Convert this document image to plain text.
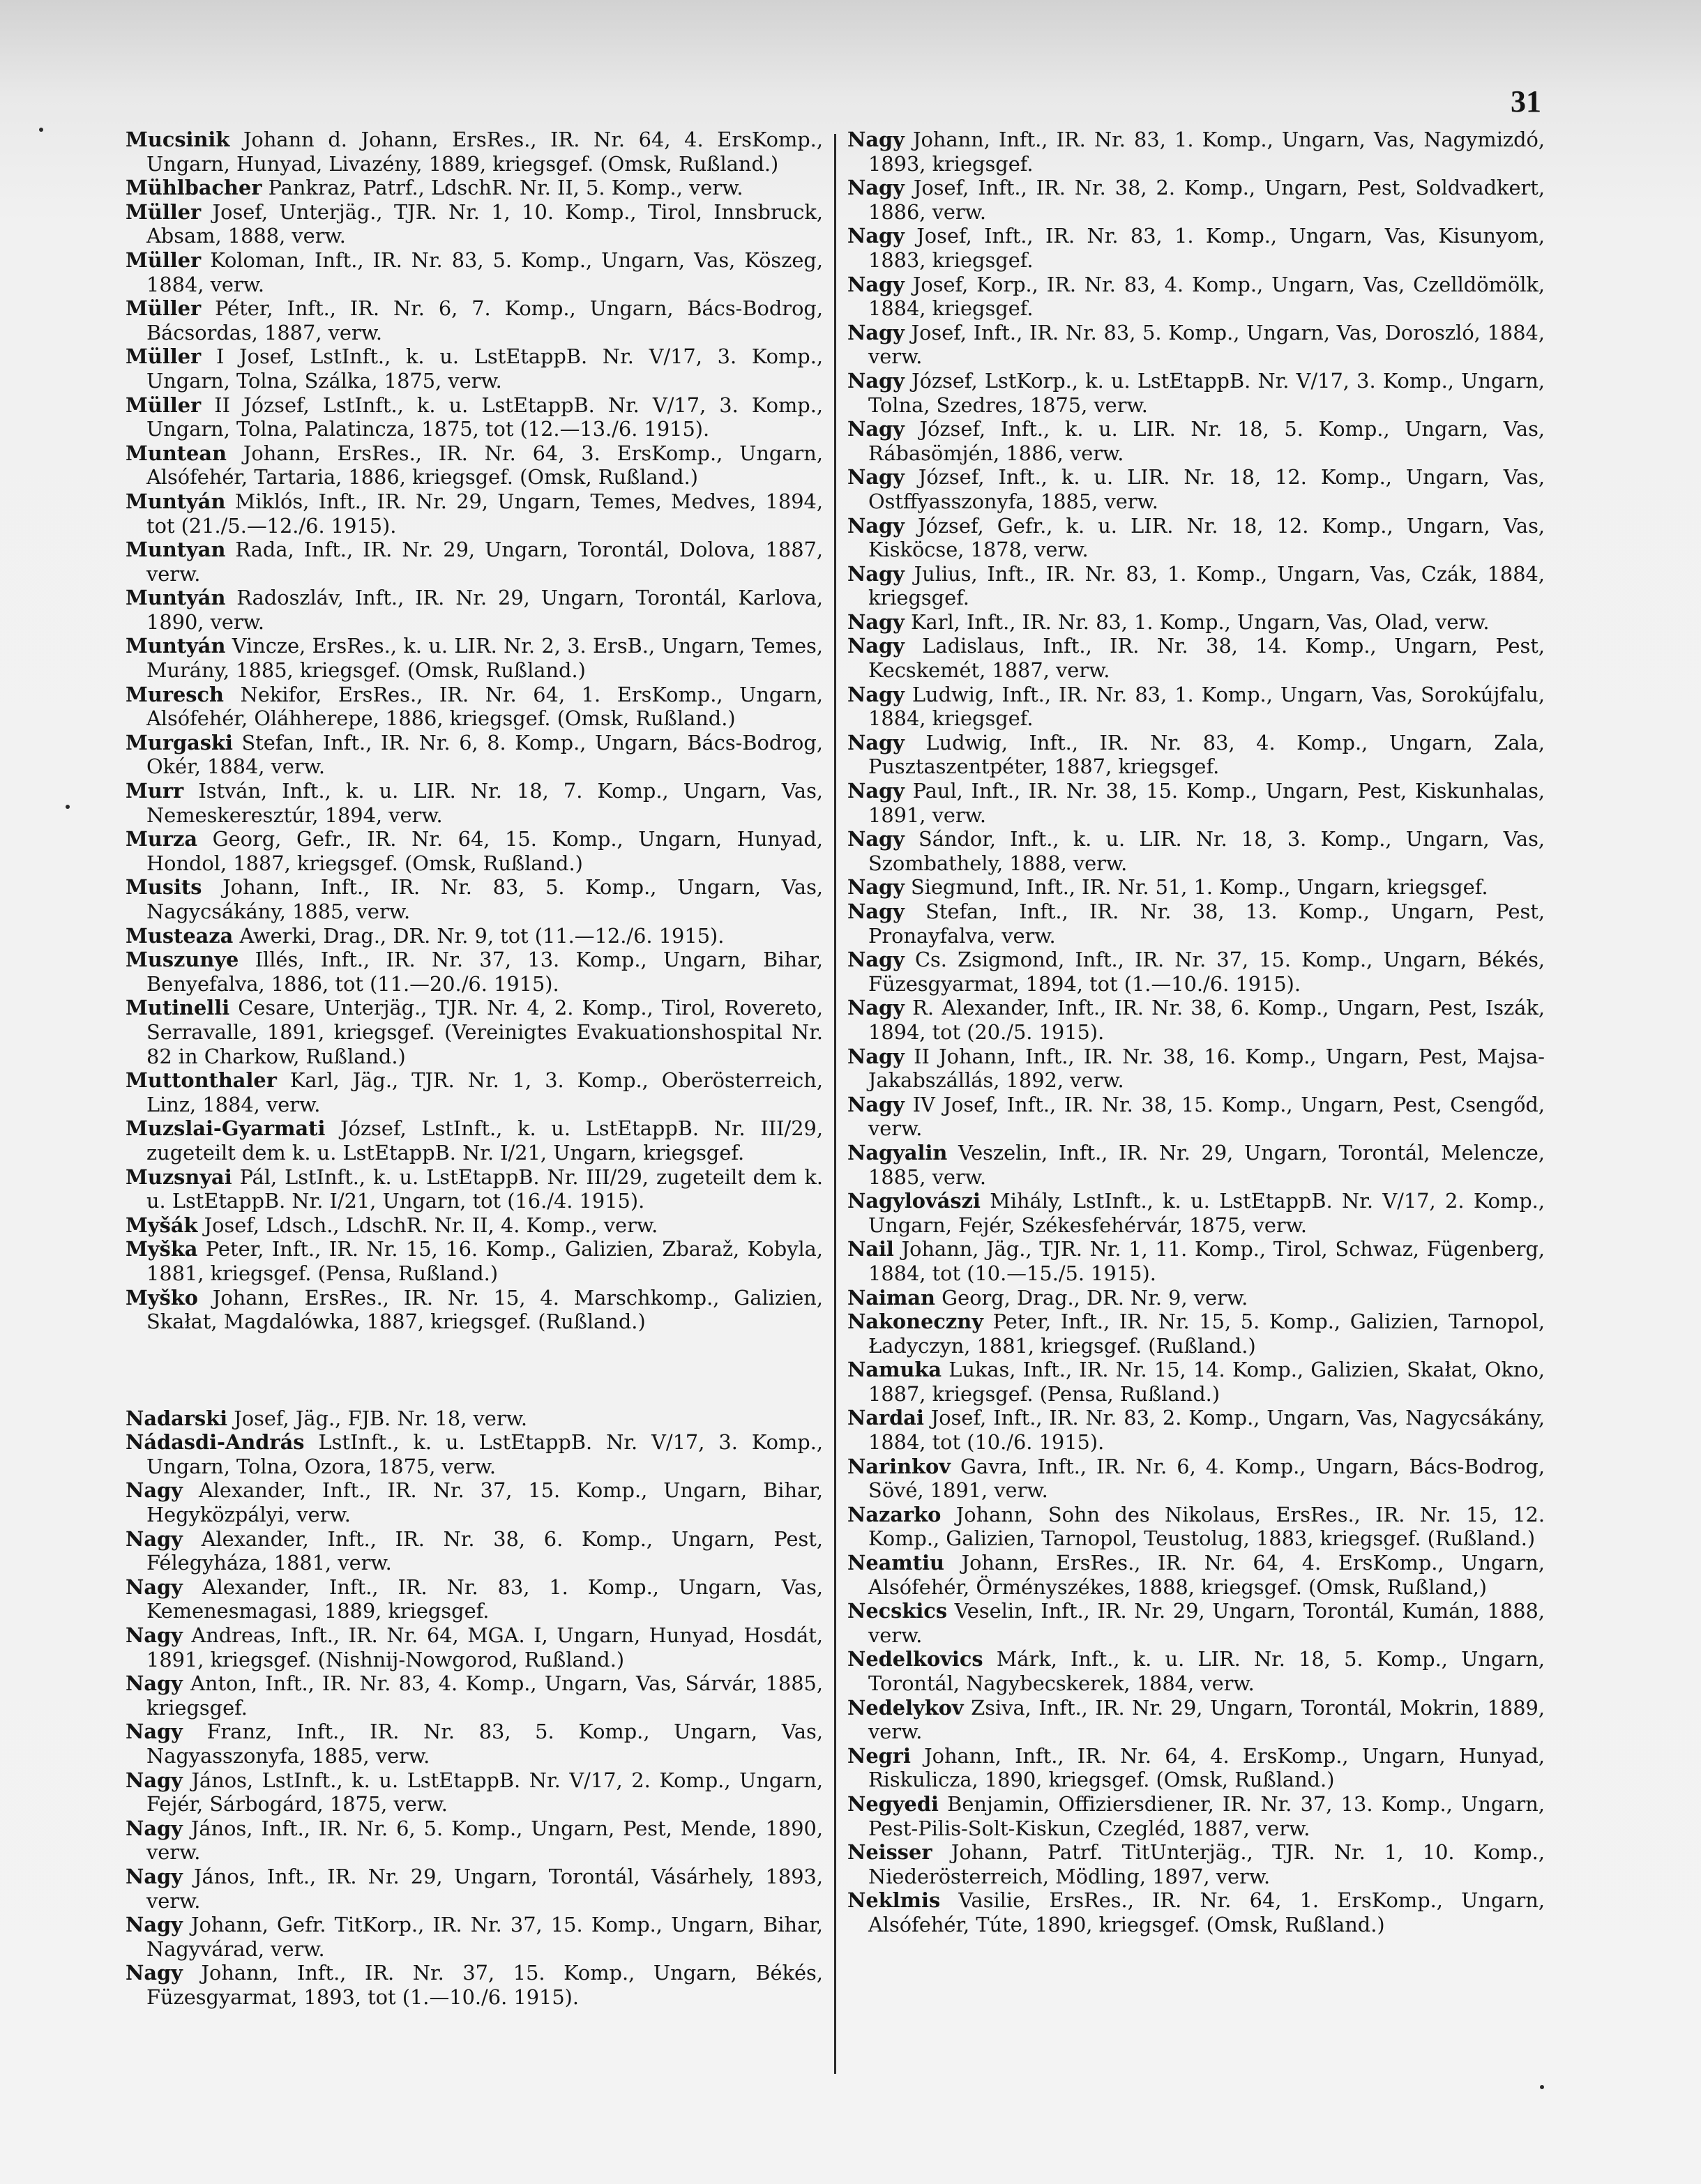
31

Mucsinik Johann d. Johann, ErsRes., IR. Nr. 64, 4. ErsKomp., Ungarn, Hunyad, Livazény, 1889, kriegsgef. (Omsk, Rußland.)

Mühlbacher Pankraz, Patrf., LdschR. Nr. II, 5. Komp., verw.

Müller Josef, Unterjäg., TJR. Nr. 1, 10. Komp., Tirol, Innsbruck, Absam, 1888, verw.

Müller Koloman, Inft., IR. Nr. 83, 5. Komp., Ungarn, Vas, Köszeg, 1884, verw.

Müller Péter, Inft., IR. Nr. 6, 7. Komp., Ungarn, Bács-Bodrog, Bácsordas, 1887, verw.

Müller I Josef, LstInft., k. u. LstEtappB. Nr. V/17, 3. Komp., Ungarn, Tolna, Szálka, 1875, verw.

Müller II József, LstInft., k. u. LstEtappB. Nr. V/17, 3. Komp., Ungarn, Tolna, Palatincza, 1875, tot (12.—13./6. 1915).

Muntean Johann, ErsRes., IR. Nr. 64, 3. ErsKomp., Ungarn, Alsófehér, Tartaria, 1886, kriegsgef. (Omsk, Rußland.)

Muntyán Miklós, Inft., IR. Nr. 29, Ungarn, Temes, Medves, 1894, tot (21./5.—12./6. 1915).

Muntyan Rada, Inft., IR. Nr. 29, Ungarn, Torontál, Dolova, 1887, verw.

Muntyán Radoszláv, Inft., IR. Nr. 29, Ungarn, Torontál, Karlova, 1890, verw.

Muntyán Vincze, ErsRes., k. u. LIR. Nr. 2, 3. ErsB., Ungarn, Temes, Murány, 1885, kriegsgef. (Omsk, Rußland.)

Muresch Nekifor, ErsRes., IR. Nr. 64, 1. ErsKomp., Ungarn, Alsófehér, Oláhherepe, 1886, kriegsgef. (Omsk, Rußland.)

Murgaski Stefan, Inft., IR. Nr. 6, 8. Komp., Ungarn, Bács-Bodrog, Okér, 1884, verw.

Murr István, Inft., k. u. LIR. Nr. 18, 7. Komp., Ungarn, Vas, Nemeskeresztúr, 1894, verw.

Murza Georg, Gefr., IR. Nr. 64, 15. Komp., Ungarn, Hunyad, Hondol, 1887, kriegsgef. (Omsk, Rußland.)

Musits Johann, Inft., IR. Nr. 83, 5. Komp., Ungarn, Vas, Nagycsákány, 1885, verw.

Musteaza Awerki, Drag., DR. Nr. 9, tot (11.—12./6. 1915).

Muszunye Illés, Inft., IR. Nr. 37, 13. Komp., Ungarn, Bihar, Benyefalva, 1886, tot (11.—20./6. 1915).

Mutinelli Cesare, Unterjäg., TJR. Nr. 4, 2. Komp., Tirol, Rovereto, Serravalle, 1891, kriegsgef. (Vereinigtes Evakuationshospital Nr. 82 in Charkow, Rußland.)

Muttonthaler Karl, Jäg., TJR. Nr. 1, 3. Komp., Oberösterreich, Linz, 1884, verw.

Muzslai-Gyarmati József, LstInft., k. u. LstEtappB. Nr. III/29, zugeteilt dem k. u. LstEtappB. Nr. I/21, Ungarn, kriegsgef.

Muzsnyai Pál, LstInft., k. u. LstEtappB. Nr. III/29, zugeteilt dem k. u. LstEtappB. Nr. I/21, Ungarn, tot (16./4. 1915).

Myšák Josef, Ldsch., LdschR. Nr. II, 4. Komp., verw.

Myška Peter, Inft., IR. Nr. 15, 16. Komp., Galizien, Zbaraž, Kobyla, 1881, kriegsgef. (Pensa, Rußland.)

Myško Johann, ErsRes., IR. Nr. 15, 4. Marschkomp., Galizien, Skałat, Magdalówka, 1887, kriegsgef. (Rußland.)

Nadarski Josef, Jäg., FJB. Nr. 18, verw.

Nádasdi-András LstInft., k. u. LstEtappB. Nr. V/17, 3. Komp., Ungarn, Tolna, Ozora, 1875, verw.

Nagy Alexander, Inft., IR. Nr. 37, 15. Komp., Ungarn, Bihar, Hegyközpályi, verw.

Nagy Alexander, Inft., IR. Nr. 38, 6. Komp., Ungarn, Pest, Félegyháza, 1881, verw.

Nagy Alexander, Inft., IR. Nr. 83, 1. Komp., Ungarn, Vas, Kemenesmagasi, 1889, kriegsgef.

Nagy Andreas, Inft., IR. Nr. 64, MGA. I, Ungarn, Hunyad, Hosdát, 1891, kriegsgef. (Nishnij-Nowgorod, Rußland.)

Nagy Anton, Inft., IR. Nr. 83, 4. Komp., Ungarn, Vas, Sárvár, 1885, kriegsgef.

Nagy Franz, Inft., IR. Nr. 83, 5. Komp., Ungarn, Vas, Nagyasszonyfa, 1885, verw.

Nagy János, LstInft., k. u. LstEtappB. Nr. V/17, 2. Komp., Ungarn, Fejér, Sárbogárd, 1875, verw.

Nagy János, Inft., IR. Nr. 6, 5. Komp., Ungarn, Pest, Mende, 1890, verw.

Nagy János, Inft., IR. Nr. 29, Ungarn, Torontál, Vásárhely, 1893, verw.

Nagy Johann, Gefr. TitKorp., IR. Nr. 37, 15. Komp., Ungarn, Bihar, Nagyvárad, verw.

Nagy Johann, Inft., IR. Nr. 37, 15. Komp., Ungarn, Békés, Füzesgyarmat, 1893, tot (1.—10./6. 1915).

Nagy Johann, Inft., IR. Nr. 83, 1. Komp., Ungarn, Vas, Nagymizdó, 1893, kriegsgef.

Nagy Josef, Inft., IR. Nr. 38, 2. Komp., Ungarn, Pest, Soldvadkert, 1886, verw.

Nagy Josef, Inft., IR. Nr. 83, 1. Komp., Ungarn, Vas, Kisunyom, 1883, kriegsgef.

Nagy Josef, Korp., IR. Nr. 83, 4. Komp., Ungarn, Vas, Czelldömölk, 1884, kriegsgef.

Nagy Josef, Inft., IR. Nr. 83, 5. Komp., Ungarn, Vas, Doroszló, 1884, verw.

Nagy József, LstKorp., k. u. LstEtappB. Nr. V/17, 3. Komp., Ungarn, Tolna, Szedres, 1875, verw.

Nagy József, Inft., k. u. LIR. Nr. 18, 5. Komp., Ungarn, Vas, Rábasömjén, 1886, verw.

Nagy József, Inft., k. u. LIR. Nr. 18, 12. Komp., Ungarn, Vas, Ostffyasszonyfa, 1885, verw.

Nagy József, Gefr., k. u. LIR. Nr. 18, 12. Komp., Ungarn, Vas, Kisköcse, 1878, verw.

Nagy Julius, Inft., IR. Nr. 83, 1. Komp., Ungarn, Vas, Czák, 1884, kriegsgef.

Nagy Karl, Inft., IR. Nr. 83, 1. Komp., Ungarn, Vas, Olad, verw.

Nagy Ladislaus, Inft., IR. Nr. 38, 14. Komp., Ungarn, Pest, Kecskemét, 1887, verw.

Nagy Ludwig, Inft., IR. Nr. 83, 1. Komp., Ungarn, Vas, Sorokújfalu, 1884, kriegsgef.

Nagy Ludwig, Inft., IR. Nr. 83, 4. Komp., Ungarn, Zala, Pusztaszentpéter, 1887, kriegsgef.

Nagy Paul, Inft., IR. Nr. 38, 15. Komp., Ungarn, Pest, Kiskunhalas, 1891, verw.

Nagy Sándor, Inft., k. u. LIR. Nr. 18, 3. Komp., Ungarn, Vas, Szombathely, 1888, verw.

Nagy Siegmund, Inft., IR. Nr. 51, 1. Komp., Ungarn, kriegsgef.

Nagy Stefan, Inft., IR. Nr. 38, 13. Komp., Ungarn, Pest, Pronayfalva, verw.

Nagy Cs. Zsigmond, Inft., IR. Nr. 37, 15. Komp., Ungarn, Békés, Füzesgyarmat, 1894, tot (1.—10./6. 1915).

Nagy R. Alexander, Inft., IR. Nr. 38, 6. Komp., Ungarn, Pest, Iszák, 1894, tot (20./5. 1915).

Nagy II Johann, Inft., IR. Nr. 38, 16. Komp., Ungarn, Pest, Majsa-Jakabszállás, 1892, verw.

Nagy IV Josef, Inft., IR. Nr. 38, 15. Komp., Ungarn, Pest, Csengőd, verw.

Nagyalin Veszelin, Inft., IR. Nr. 29, Ungarn, Torontál, Melencze, 1885, verw.

Nagylovászi Mihály, LstInft., k. u. LstEtappB. Nr. V/17, 2. Komp., Ungarn, Fejér, Székesfehérvár, 1875, verw.

Nail Johann, Jäg., TJR. Nr. 1, 11. Komp., Tirol, Schwaz, Fügenberg, 1884, tot (10.—15./5. 1915).

Naiman Georg, Drag., DR. Nr. 9, verw.

Nakoneczny Peter, Inft., IR. Nr. 15, 5. Komp., Galizien, Tarnopol, Ładyczyn, 1881, kriegsgef. (Rußland.)

Namuka Lukas, Inft., IR. Nr. 15, 14. Komp., Galizien, Skałat, Okno, 1887, kriegsgef. (Pensa, Rußland.)

Nardai Josef, Inft., IR. Nr. 83, 2. Komp., Ungarn, Vas, Nagycsákány, 1884, tot (10./6. 1915).

Narinkov Gavra, Inft., IR. Nr. 6, 4. Komp., Ungarn, Bács-Bodrog, Sövé, 1891, verw.

Nazarko Johann, Sohn des Nikolaus, ErsRes., IR. Nr. 15, 12. Komp., Galizien, Tarnopol, Teustolug, 1883, kriegsgef. (Rußland.)

Neamtiu Johann, ErsRes., IR. Nr. 64, 4. ErsKomp., Ungarn, Alsófehér, Örményszékes, 1888, kriegsgef. (Omsk, Rußland,)

Necskics Veselin, Inft., IR. Nr. 29, Ungarn, Torontál, Kumán, 1888, verw.

Nedelkovics Márk, Inft., k. u. LIR. Nr. 18, 5. Komp., Ungarn, Torontál, Nagybecskerek, 1884, verw.

Nedelykov Zsiva, Inft., IR. Nr. 29, Ungarn, Torontál, Mokrin, 1889, verw.

Negri Johann, Inft., IR. Nr. 64, 4. ErsKomp., Ungarn, Hunyad, Riskulicza, 1890, kriegsgef. (Omsk, Rußland.)

Negyedi Benjamin, Offiziersdiener, IR. Nr. 37, 13. Komp., Ungarn, Pest-Pilis-Solt-Kiskun, Czegléd, 1887, verw.

Neisser Johann, Patrf. TitUnterjäg., TJR. Nr. 1, 10. Komp., Niederösterreich, Mödling, 1897, verw.

Neklmis Vasilie, ErsRes., IR. Nr. 64, 1. ErsKomp., Ungarn, Alsófehér, Túte, 1890, kriegsgef. (Omsk, Rußland.)
